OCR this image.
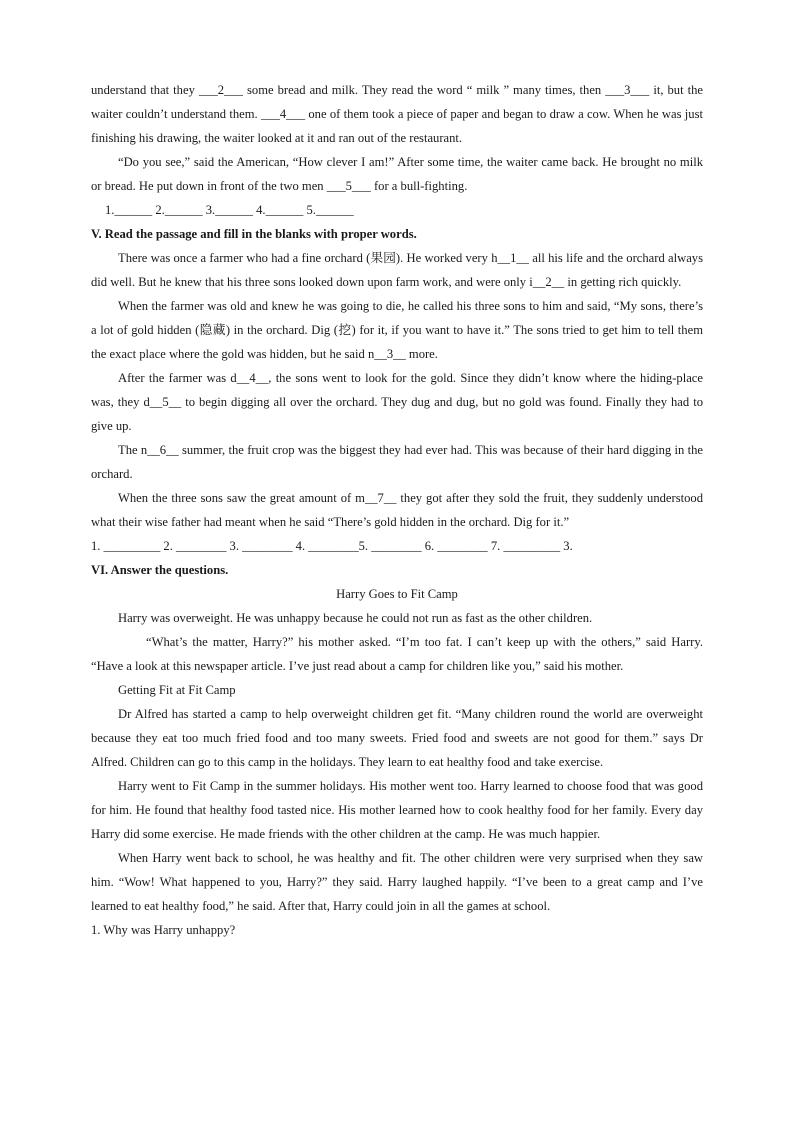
understand that they ___2___ some bread and milk. They read the word “ milk ” many times, then ___3___ it, but the waiter couldn’t understand them. ___4___ one of them took a piece of paper and began to draw a cow. When he was just finishing his drawing, the waiter looked at it and ran out of the restaurant.

“Do you see,” said the American, “How clever I am!” After some time, the waiter came back. He brought no milk or bread. He put down in front of the two men ___5___ for a bull-fighting.

1.______ 2.______ 3.______ 4.______ 5.______

V. Read the passage and fill in the blanks with proper words.

There was once a farmer who had a fine orchard (果园). He worked very h__1__ all his life and the orchard always did well. But he knew that his three sons looked down upon farm work, and were only i__2__ in getting rich quickly.

When the farmer was old and knew he was going to die, he called his three sons to him and said, “My sons, there’s a lot of gold hidden (隐藏) in the orchard. Dig (挖) for it, if you want to have it.” The sons tried to get him to tell them the exact place where the gold was hidden, but he said n__3__ more.

After the farmer was d__4__, the sons went to look for the gold. Since they didn’t know where the hiding-place was, they d__5__ to begin digging all over the orchard. They dug and dug, but no gold was found. Finally they had to give up.

The n__6__ summer, the fruit crop was the biggest they had ever had. This was because of their hard digging in the orchard.

When the three sons saw the great amount of m__7__ they got after they sold the fruit, they suddenly understood what their wise father had meant when he said “There’s gold hidden in the orchard. Dig for it.”

1. _________ 2. ________ 3. ________ 4. ________5. ________ 6. ________ 7. _________ 3.

VI. Answer the questions.

Harry Goes to Fit Camp

Harry was overweight. He was unhappy because he could not run as fast as the other children.

“What’s the matter, Harry?” his mother asked. “I’m too fat. I can’t keep up with the others,” said Harry. “Have a look at this newspaper article. I’ve just read about a camp for children like you,” said his mother.

Getting Fit at Fit Camp

Dr Alfred has started a camp to help overweight children get fit. “Many children round the world are overweight because they eat too much fried food and too many sweets. Fried food and sweets are not good for them.” says Dr Alfred. Children can go to this camp in the holidays. They learn to eat healthy food and take exercise.

Harry went to Fit Camp in the summer holidays. His mother went too. Harry learned to choose food that was good for him. He found that healthy food tasted nice. His mother learned how to cook healthy food for her family. Every day Harry did some exercise. He made friends with the other children at the camp. He was much happier.

When Harry went back to school, he was healthy and fit. The other children were very surprised when they saw him. “Wow! What happened to you, Harry?” they said. Harry laughed happily. “I’ve been to a great camp and I’ve learned to eat healthy food,” he said. After that, Harry could join in all the games at school.

1. Why was Harry unhappy?
